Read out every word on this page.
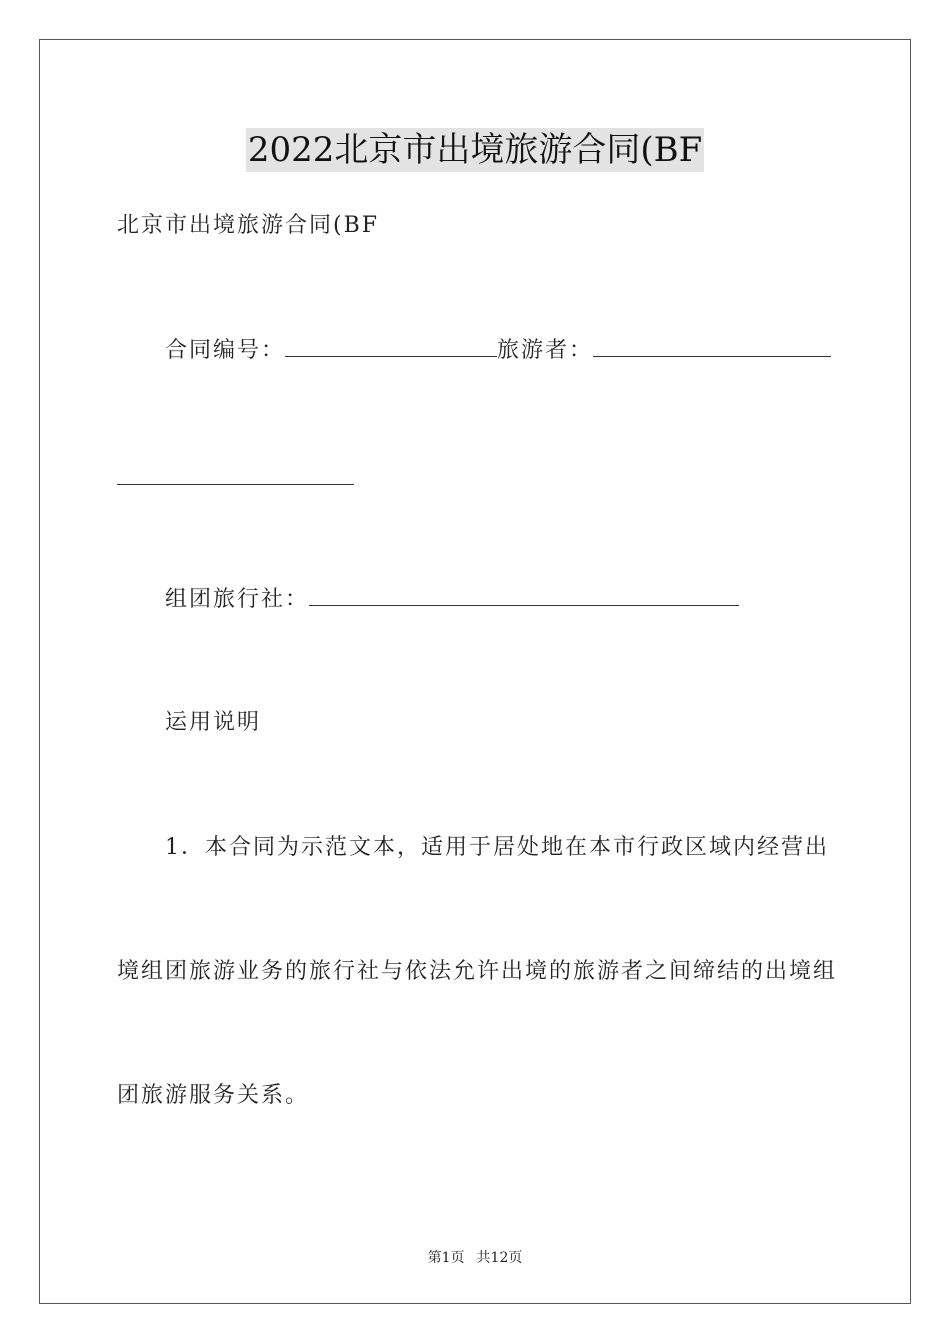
2022北京市出境旅游合同(BF
北京市出境旅游合同(BF
合同编号：	旅游者：
组团旅行社：
运用说明
1．本合同为示范文本，适用于居处地在本市行政区域内经营出
境组团旅游业务的旅行社与依法允许出境的旅游者之间缔结的出境组
团旅游服务关系。
第1页 共12页
